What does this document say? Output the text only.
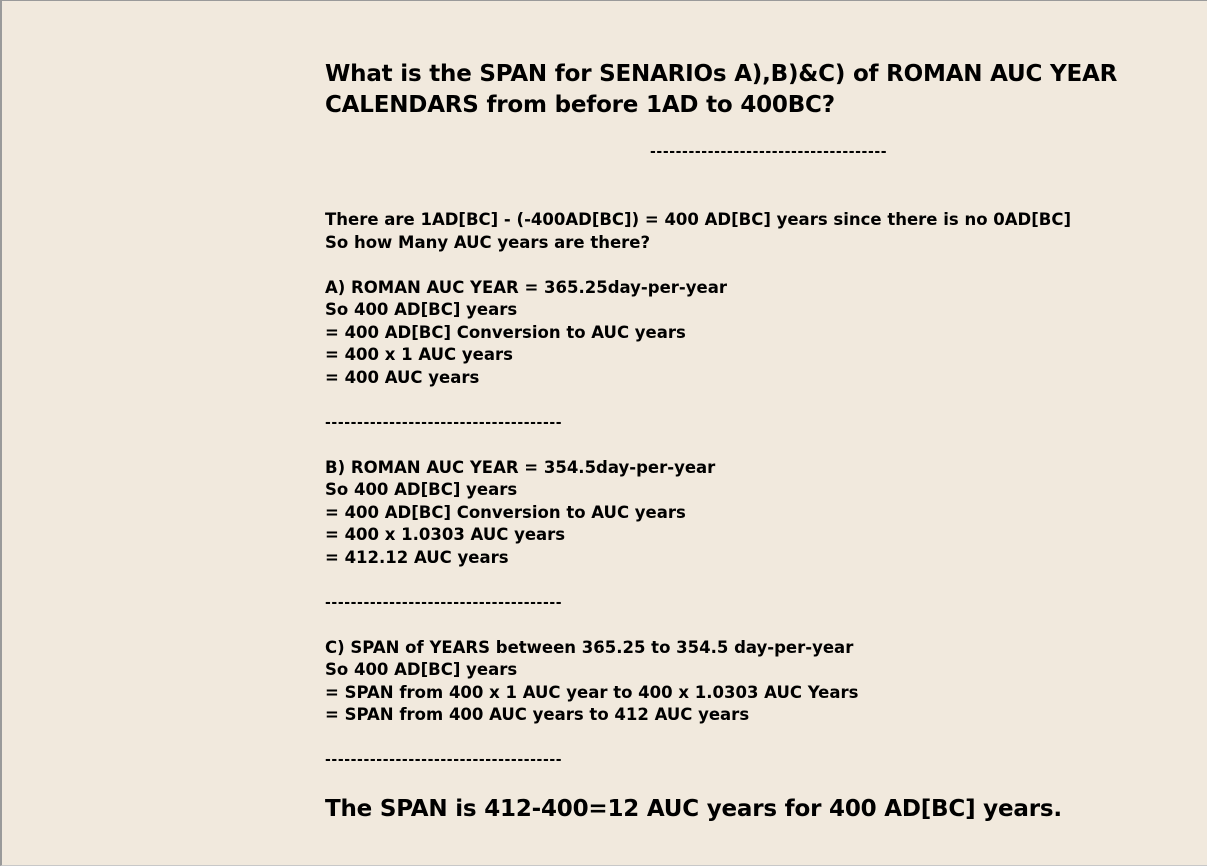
What is the SPAN for SENARIOs A),B)&C) of ROMAN AUC YEAR
CALENDARS from before 1AD to 400BC?
-------------------------------------
There are 1AD[BC] - (-400AD[BC]) = 400 AD[BC] years since there is no 0AD[BC]
So how Many AUC years are there?
A) ROMAN AUC YEAR = 365.25day-per-year
So 400 AD[BC] years
= 400 AD[BC] Conversion to AUC years
= 400 x 1 AUC years
= 400 AUC years
-------------------------------------
B) ROMAN AUC YEAR = 354.5day-per-year
So 400 AD[BC] years
= 400 AD[BC] Conversion to AUC years
= 400 x 1.0303 AUC years
= 412.12 AUC years
-------------------------------------
C) SPAN of YEARS between 365.25 to 354.5 day-per-year
So 400 AD[BC] years
= SPAN from 400 x 1 AUC year to 400 x 1.0303 AUC Years
= SPAN from 400 AUC years to 412 AUC years
-------------------------------------
The SPAN is 412-400=12 AUC years for 400 AD[BC] years.
